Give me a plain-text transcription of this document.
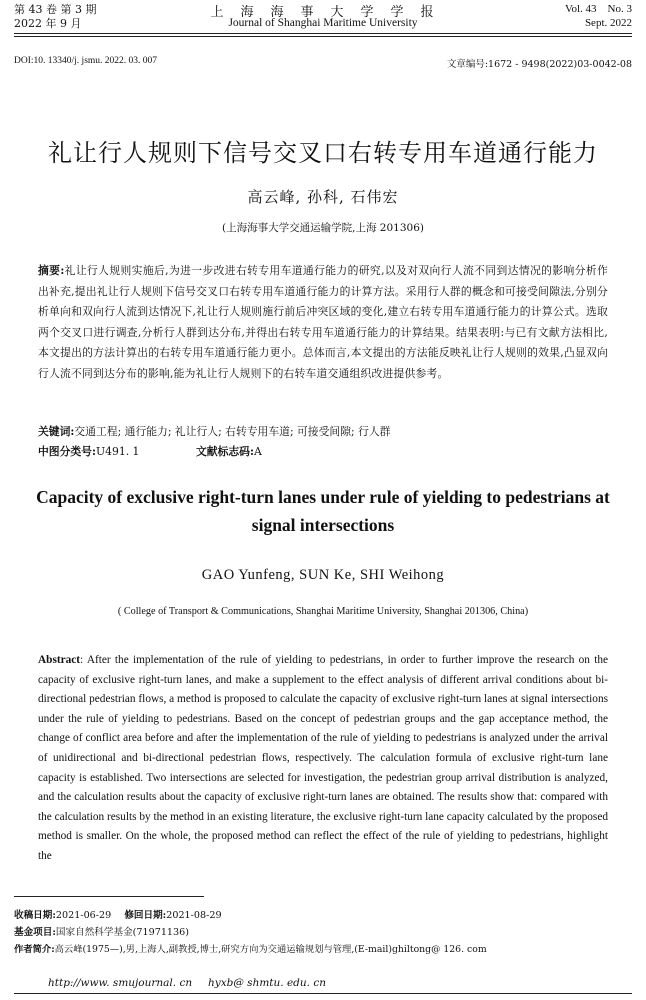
第 43 卷 第 3 期
2022 年 9 月
上　海　海　事　大　学　学　报
Journal of Shanghai Maritime University
Vol. 43　No. 3
Sept. 2022
DOI:10. 13340/j. jsmu. 2022. 03. 007	文章编号:1672 - 9498(2022)03-0042-08
礼让行人规则下信号交叉口右转专用车道通行能力
高云峰, 孙科, 石伟宏
(上海海事大学交通运输学院,上海 201306)
摘要:礼让行人规则实施后,为进一步改进右转专用车道通行能力的研究,以及对双向行人流不同到达情况的影响分析作出补充,提出礼让行人规则下信号交叉口右转专用车道通行能力的计算方法。采用行人群的概念和可接受间隙法,分别分析单向和双向行人流到达情况下,礼让行人规则施行前后冲突区域的变化,建立右转专用车道通行能力的计算公式。选取两个交叉口进行调查,分析行人群到达分布,并得出右转专用车道通行能力的计算结果。结果表明:与已有文献方法相比,本文提出的方法计算出的右转专用车道通行能力更小。总体而言,本文提出的方法能反映礼让行人规则的效果,凸显双向行人流不同到达分布的影响,能为礼让行人规则下的右转车道交通组织改进提供参考。
关键词:交通工程; 通行能力; 礼让行人; 右转专用车道; 可接受间隙; 行人群
中图分类号:U491. 1	文献标志码:A
Capacity of exclusive right-turn lanes under rule of yielding to pedestrians at signal intersections
GAO Yunfeng, SUN Ke, SHI Weihong
( College of Transport & Communications, Shanghai Maritime University, Shanghai 201306, China)
Abstract: After the implementation of the rule of yielding to pedestrians, in order to further improve the research on the capacity of exclusive right-turn lanes, and make a supplement to the effect analysis of different arrival conditions about bi-directional pedestrian flows, a method is proposed to calculate the capacity of exclusive right-turn lanes at signal intersections under the rule of yielding to pedestrians. Based on the concept of pedestrian groups and the gap acceptance method, the change of conflict area before and after the implementation of the rule of yielding to pedestrians is analyzed under the arrival of unidirectional and bi-directional pedestrian flows, respectively. The calculation formula of exclusive right-turn lane capacity is established. Two intersections are selected for investigation, the pedestrian group arrival distribution is analyzed, and the calculation results about the capacity of exclusive right-turn lanes are obtained. The results show that: compared with the calculation results by the method in an existing literature, the exclusive right-turn lane capacity calculated by the proposed method is smaller. On the whole, the proposed method can reflect the effect of the rule of yielding to pedestrians, highlight the
收稿日期:2021-06-29 修回日期:2021-08-29
基金项目:国家自然科学基金(71971136)
作者简介:高云峰(1975—),男,上海人,副教授,博士,研究方向为交通运输规划与管理,(E-mail)ghiltong@ 126. com
http://www. smujournal. cn hyxb@ shmtu. edu. cn
